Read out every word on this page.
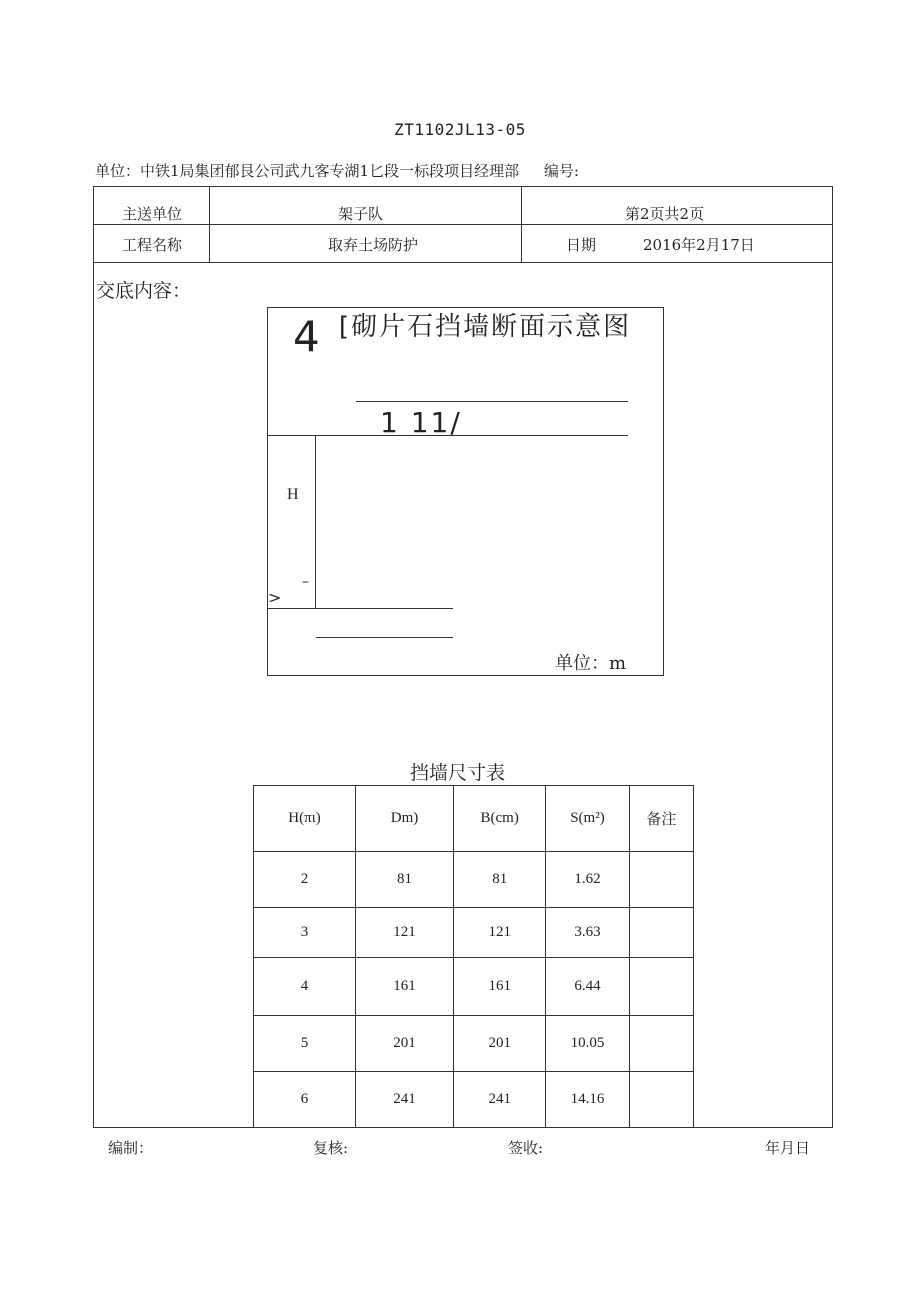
ZT1102JL13-05
单位：中铁1局集团郁艮公司武九客专湖1匕段一标段项目经理部 编号:
主送单位	架子队	第2页共2页
工程名称	取弃土场防护	日期	2016年2月17日
交底内容：
4 [砌片石挡墙断面示意图
1 11/
H
–
>
单位：m
挡墙尺寸表
H(πι)	Dm)	B(cm)	S(m²)	备注
2	81	81	1.62	
3	121	121	3.63	
4	161	161	6.44	
5	201	201	10.05	
6	241	241	14.16	
编制：	复核:	签收:	年月日
